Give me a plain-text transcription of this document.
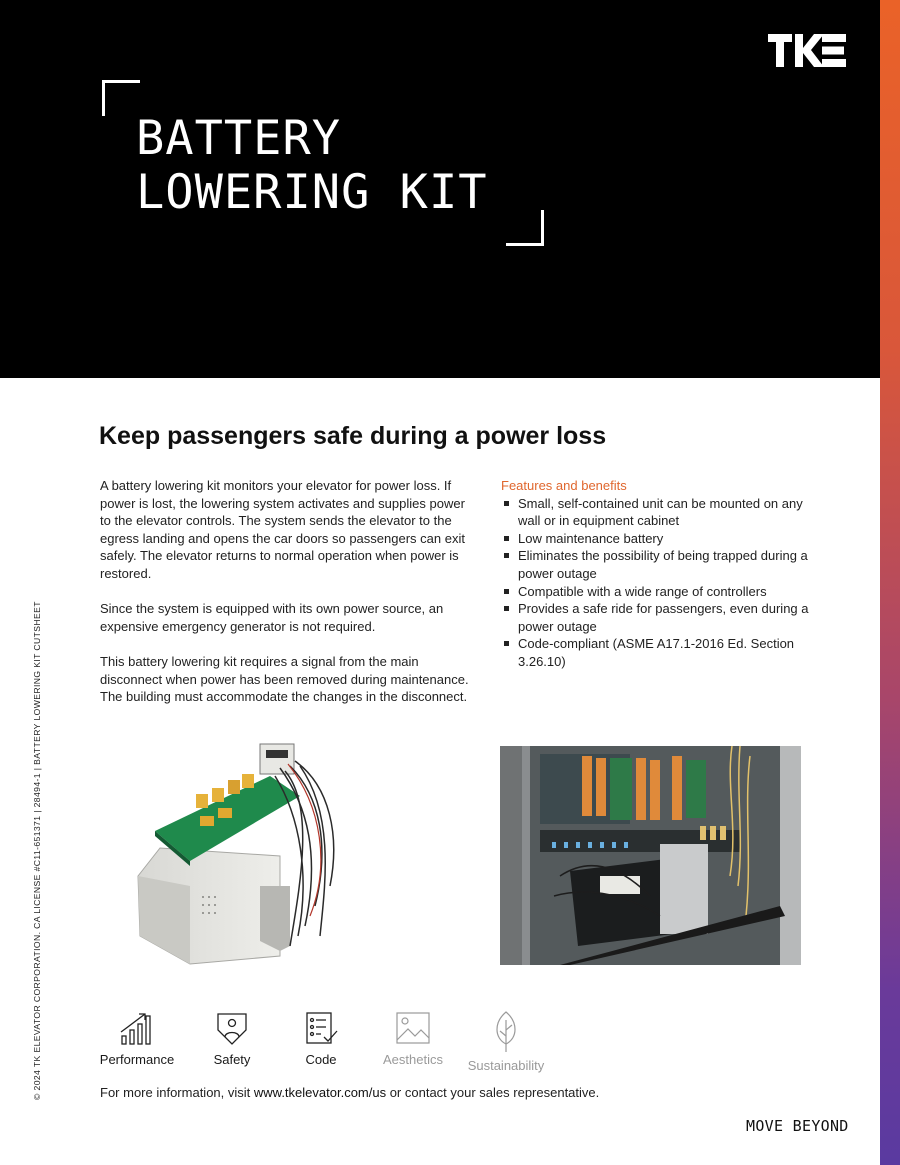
BATTERY
LOWERING KIT
Keep passengers safe during a power loss

A battery lowering kit monitors your elevator for power loss. If power is lost, the lowering system activates and supplies power to the elevator controls. The system sends the elevator to the egress landing and opens the car doors so passengers can exit safely. The elevator returns to normal operation when power is restored.

Since the system is equipped with its own power source, an expensive emergency generator is not required.

This battery lowering kit requires a signal from the main disconnect when power has been removed during maintenance. The building must accommodate the changes in the disconnect.

Features and benefits
Small, self-contained unit can be mounted on any wall or in equipment cabinet
Low maintenance battery
Eliminates the possibility of being trapped during a power outage
Compatible with a wide range of controllers
Provides a safe ride for passengers, even during a power outage
Code-compliant (ASME A17.1-2016 Ed. Section 3.26.10)
© 2024 TK ELEVATOR CORPORATION. CA LICENSE #C11-651371 | 28494-1 | BATTERY LOWERING KIT CUTSHEET	Performance	Safety	Code	Aesthetics	Sustainability
For more information, visit www.tkelevator.com/us or contact your sales representative.
MOVE BEYOND
